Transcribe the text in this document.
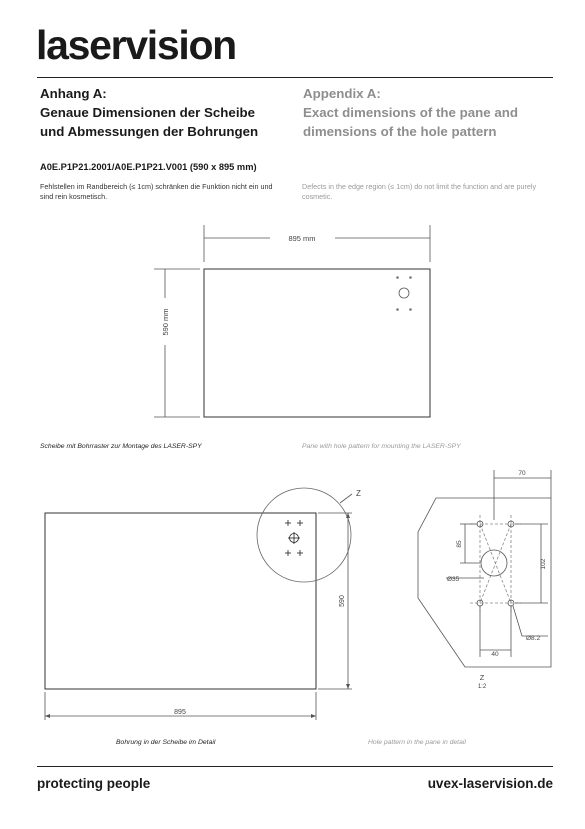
laservision
Anhang A:
Genaue Dimensionen der Scheibe
und Abmessungen der Bohrungen
Appendix A:
Exact dimensions of the pane and
dimensions of the hole pattern
A0E.P1P21.2001/A0E.P1P21.V001 (590 x 895 mm)
Fehlstellen im Randbereich (≤ 1cm) schränken die Funktion nicht ein und sind rein kosmetisch.
Defects in the edge region (≤ 1cm) do not limit the function and are purely cosmetic.
895 mm
590 mm
Z
895
590
70
85
102
Ø35
Ø8.2
40
Z
1:2
Scheibe mit Bohrraster zur Montage des LASER-SPY	Pane with hole pattern for mounting the LASER-SPY
Bohrung in der Scheibe im Detail	Hole pattern in the pane in detail
protecting people	uvex-laservision.de
